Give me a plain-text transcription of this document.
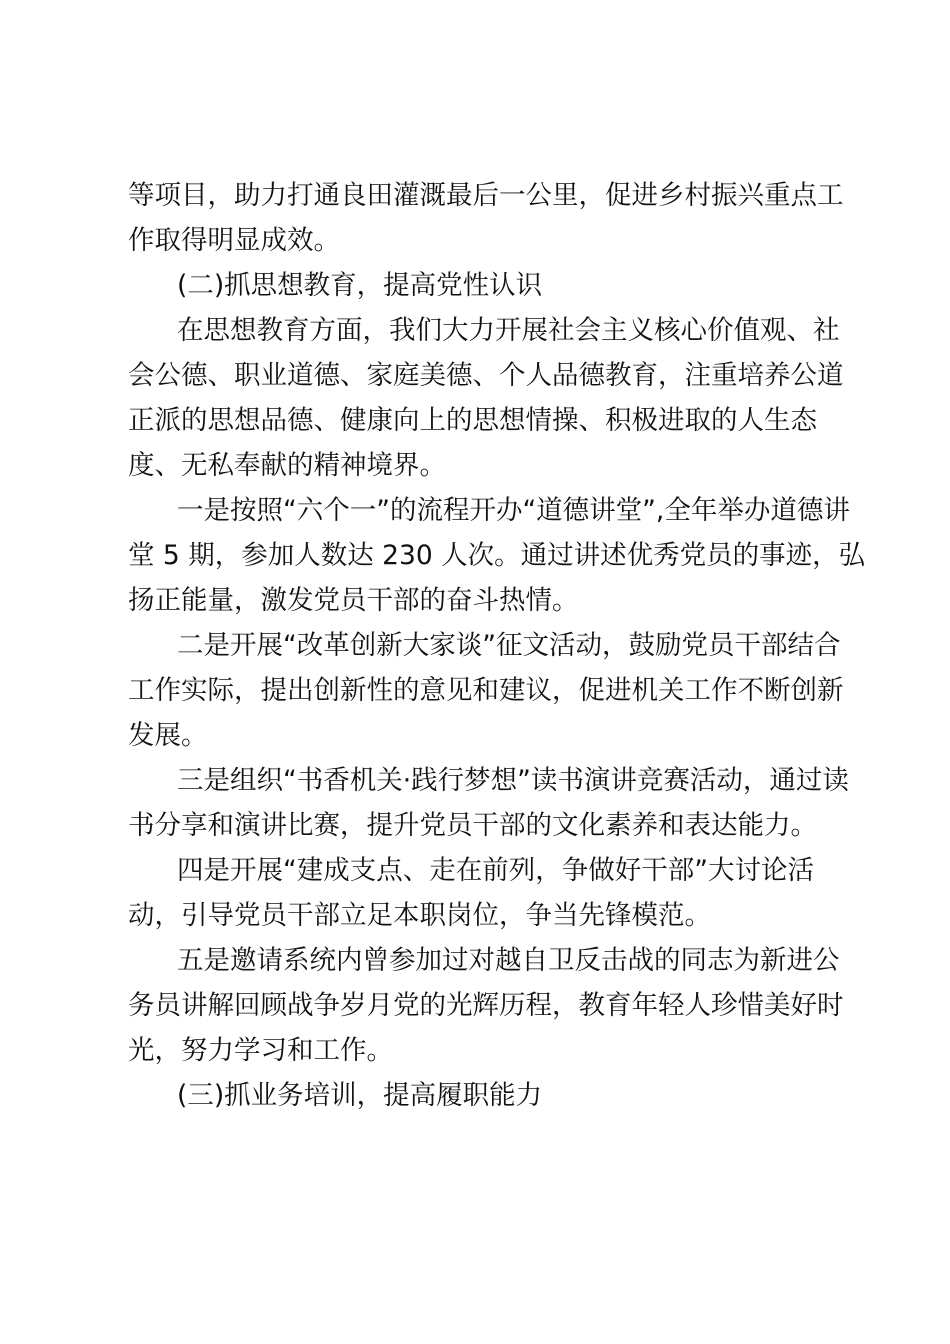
等项目，助力打通良田灌溉最后一公里，促进乡村振兴重点工
作取得明显成效。
(二)抓思想教育，提高党性认识
在思想教育方面，我们大力开展社会主义核心价值观、社
会公德、职业道德、家庭美德、个人品德教育，注重培养公道
正派的思想品德、健康向上的思想情操、积极进取的人生态
度、无私奉献的精神境界。
一是按照“六个一”的流程开办“道德讲堂”,全年举办道德讲
堂 5 期，参加人数达 230 人次。通过讲述优秀党员的事迹，弘
扬正能量，激发党员干部的奋斗热情。
二是开展“改革创新大家谈”征文活动，鼓励党员干部结合
工作实际，提出创新性的意见和建议，促进机关工作不断创新
发展。
三是组织“书香机关·践行梦想”读书演讲竞赛活动，通过读
书分享和演讲比赛，提升党员干部的文化素养和表达能力。
四是开展“建成支点、走在前列，争做好干部”大讨论活
动，引导党员干部立足本职岗位，争当先锋模范。
五是邀请系统内曾参加过对越自卫反击战的同志为新进公
务员讲解回顾战争岁月党的光辉历程，教育年轻人珍惜美好时
光，努力学习和工作。
(三)抓业务培训，提高履职能力
